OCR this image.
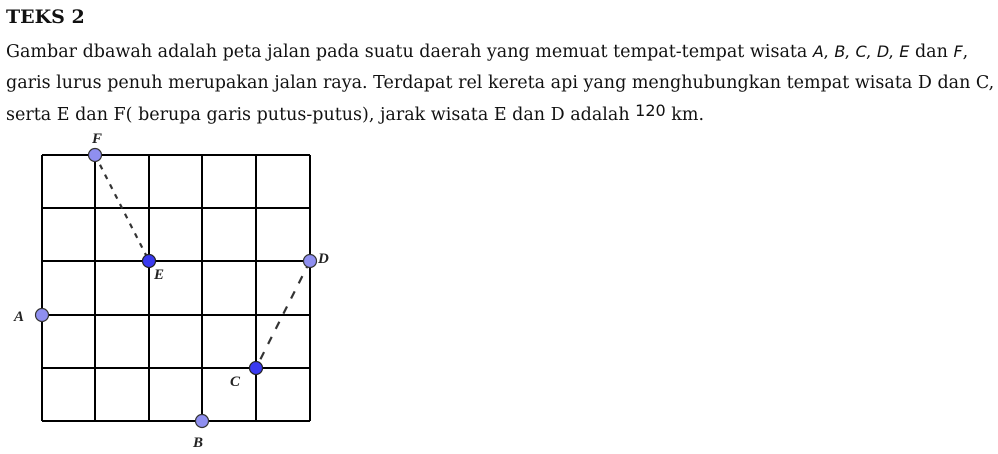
TEKS 2
Gambar dbawah adalah peta jalan pada suatu daerah yang memuat tempat-tempat wisata A, B, C, D, E dan F, garis lurus penuh merupakan jalan raya. Terdapat rel kereta api yang menghubungkan tempat wisata D dan C, serta E dan F( berupa garis putus-putus), jarak wisata E dan D adalah 120 km.
F
E
D
A
C
B
